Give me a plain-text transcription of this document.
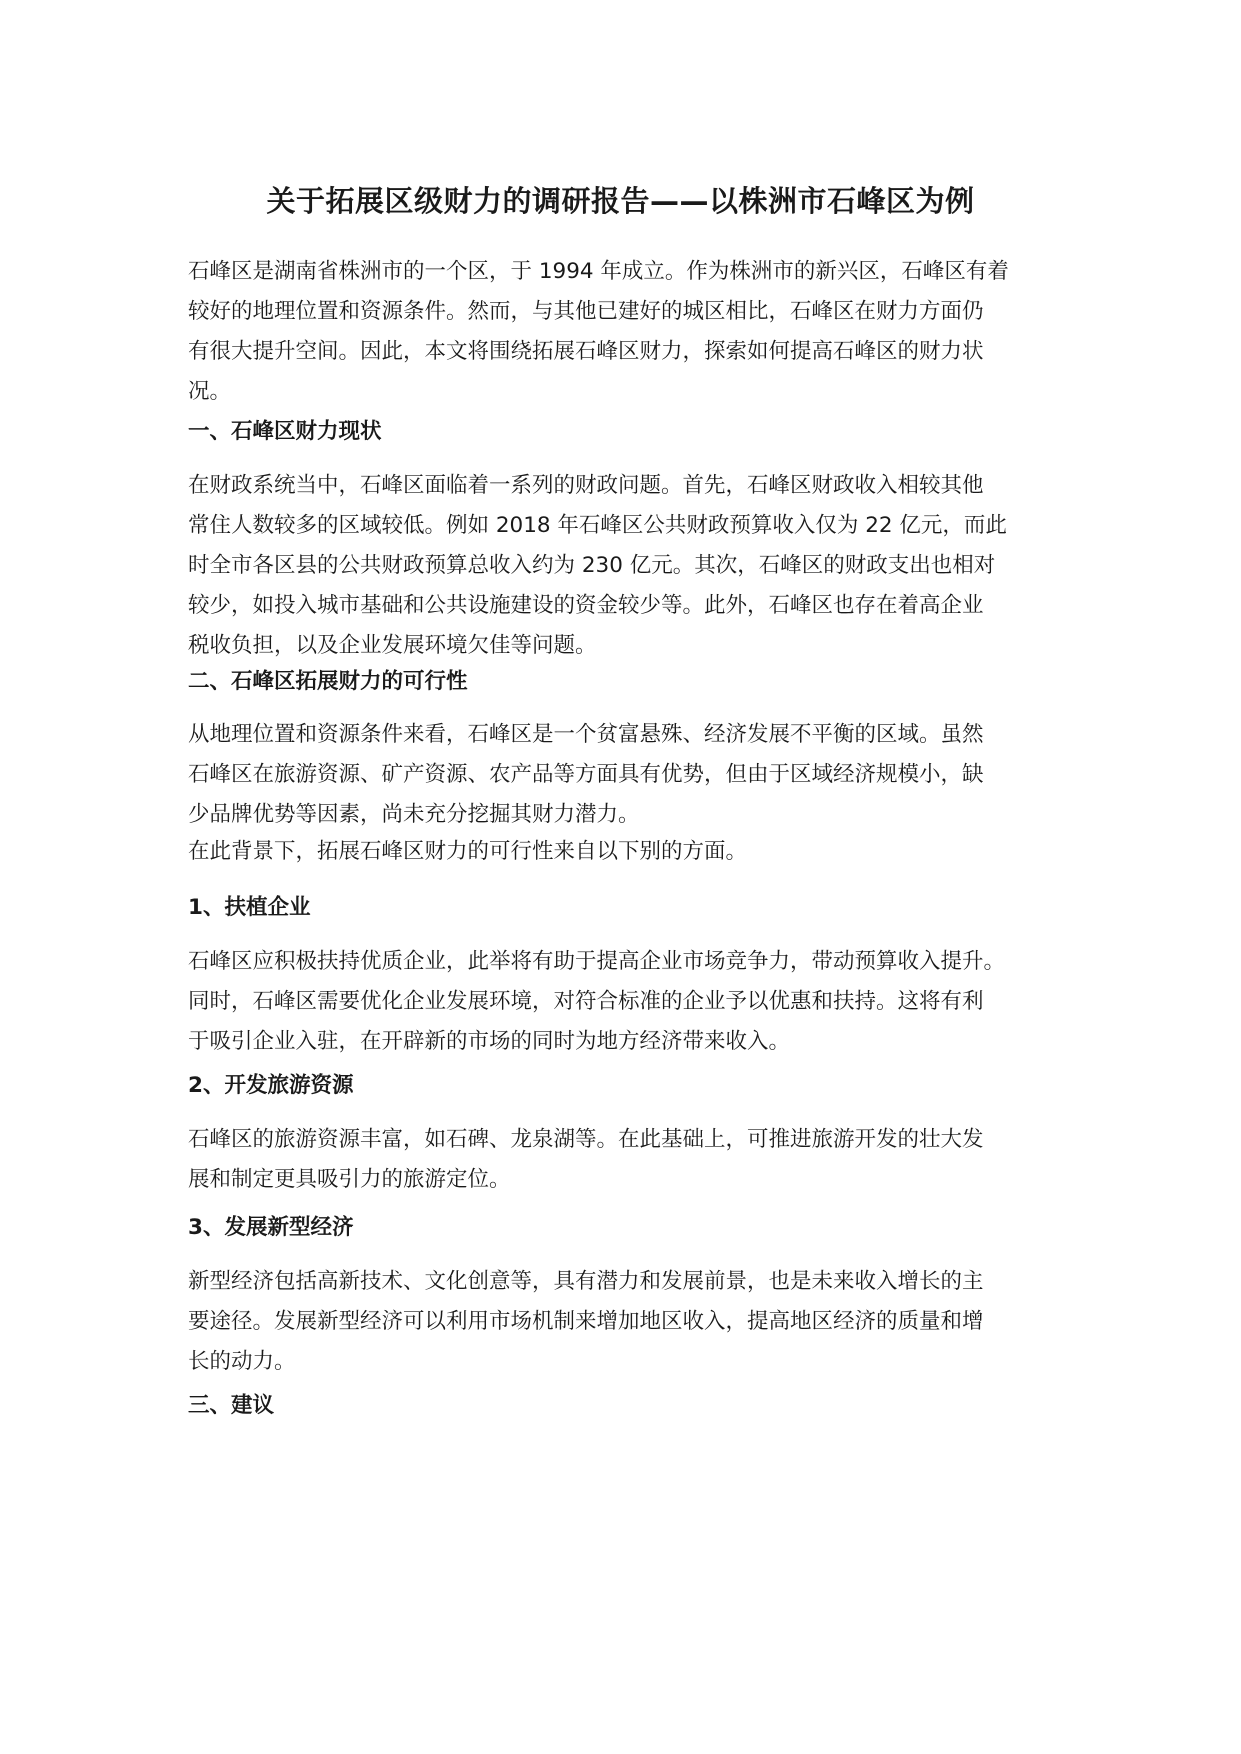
关于拓展区级财力的调研报告——以株洲市石峰区为例

石峰区是湖南省株洲市的一个区，于 1994 年成立。作为株洲市的新兴区，石峰区有着
较好的地理位置和资源条件。然而，与其他已建好的城区相比，石峰区在财力方面仍
有很大提升空间。因此，本文将围绕拓展石峰区财力，探索如何提高石峰区的财力状
况。

一、石峰区财力现状

在财政系统当中，石峰区面临着一系列的财政问题。首先，石峰区财政收入相较其他
常住人数较多的区域较低。例如 2018 年石峰区公共财政预算收入仅为 22 亿元，而此
时全市各区县的公共财政预算总收入约为 230 亿元。其次，石峰区的财政支出也相对
较少，如投入城市基础和公共设施建设的资金较少等。此外，石峰区也存在着高企业
税收负担，以及企业发展环境欠佳等问题。

二、石峰区拓展财力的可行性

从地理位置和资源条件来看，石峰区是一个贫富悬殊、经济发展不平衡的区域。虽然
石峰区在旅游资源、矿产资源、农产品等方面具有优势，但由于区域经济规模小，缺
少品牌优势等因素，尚未充分挖掘其财力潜力。

在此背景下，拓展石峰区财力的可行性来自以下别的方面。

1、扶植企业

石峰区应积极扶持优质企业，此举将有助于提高企业市场竞争力，带动预算收入提升。
同时，石峰区需要优化企业发展环境，对符合标准的企业予以优惠和扶持。这将有利
于吸引企业入驻，在开辟新的市场的同时为地方经济带来收入。

2、开发旅游资源

石峰区的旅游资源丰富，如石碑、龙泉湖等。在此基础上，可推进旅游开发的壮大发
展和制定更具吸引力的旅游定位。

3、发展新型经济

新型经济包括高新技术、文化创意等，具有潜力和发展前景，也是未来收入增长的主
要途径。发展新型经济可以利用市场机制来增加地区收入，提高地区经济的质量和增
长的动力。

三、建议
